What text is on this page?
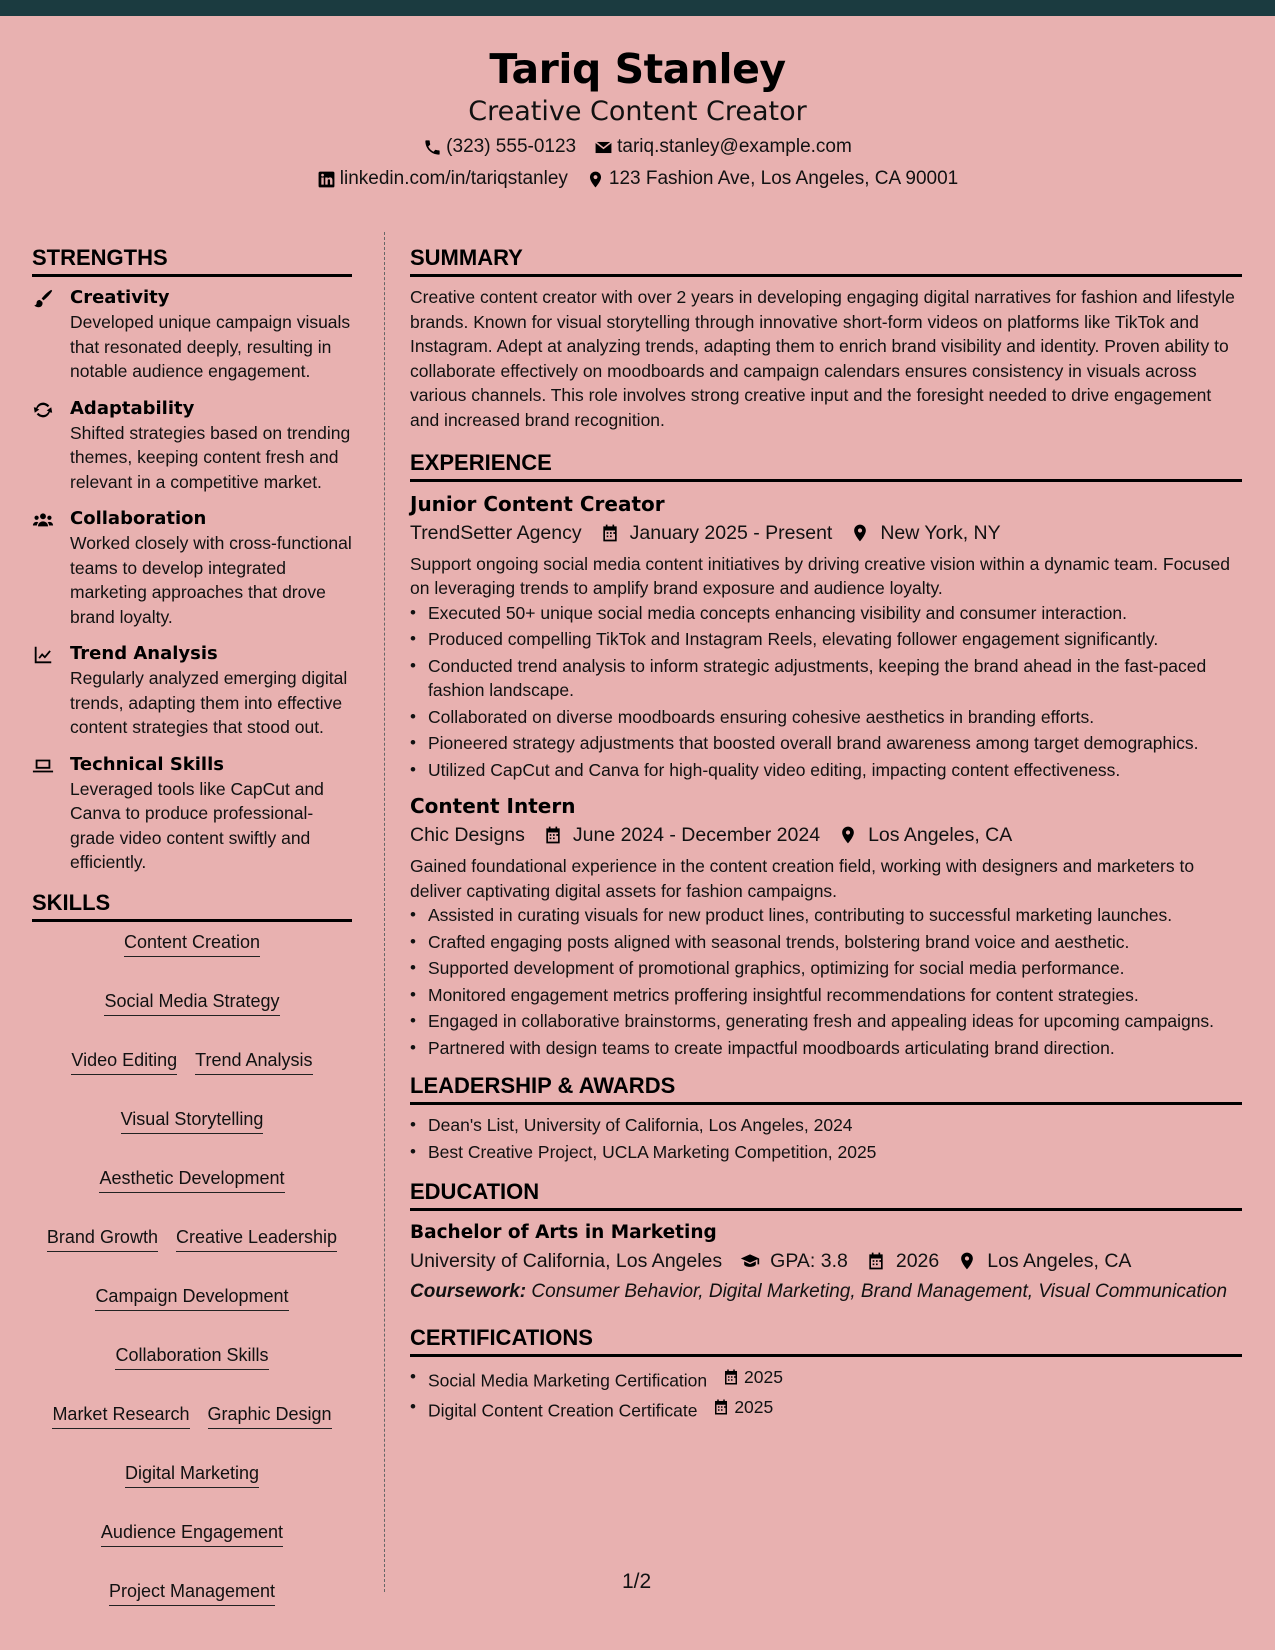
Tariq Stanley
Creative Content Creator
(323) 555-0123 tariq.stanley@example.com
linkedin.com/in/tariqstanley 123 Fashion Ave, Los Angeles, CA 90001
STRENGTHS
Creativity
Developed unique campaign visuals that resonated deeply, resulting in notable audience engagement.
Adaptability
Shifted strategies based on trending themes, keeping content fresh and relevant in a competitive market.
Collaboration
Worked closely with cross-functional teams to develop integrated marketing approaches that drove brand loyalty.
Trend Analysis
Regularly analyzed emerging digital trends, adapting them into effective content strategies that stood out.
Technical Skills
Leveraged tools like CapCut and Canva to produce professional-grade video content swiftly and efficiently.
SKILLS
Content Creation
Social Media Strategy
Video Editing Trend Analysis
Visual Storytelling
Aesthetic Development
Brand Growth Creative Leadership
Campaign Development
Collaboration Skills
Market Research Graphic Design
Digital Marketing
Audience Engagement
Project Management
SUMMARY
Creative content creator with over 2 years in developing engaging digital narratives for fashion and lifestyle brands. Known for visual storytelling through innovative short-form videos on platforms like TikTok and Instagram. Adept at analyzing trends, adapting them to enrich brand visibility and identity. Proven ability to collaborate effectively on moodboards and campaign calendars ensures consistency in visuals across various channels. This role involves strong creative input and the foresight needed to drive engagement and increased brand recognition.
EXPERIENCE
Junior Content Creator
TrendSetter Agency January 2025 - Present New York, NY
Support ongoing social media content initiatives by driving creative vision within a dynamic team. Focused on leveraging trends to amplify brand exposure and audience loyalty.
• Executed 50+ unique social media concepts enhancing visibility and consumer interaction.
• Produced compelling TikTok and Instagram Reels, elevating follower engagement significantly.
• Conducted trend analysis to inform strategic adjustments, keeping the brand ahead in the fast-paced fashion landscape.
• Collaborated on diverse moodboards ensuring cohesive aesthetics in branding efforts.
• Pioneered strategy adjustments that boosted overall brand awareness among target demographics.
• Utilized CapCut and Canva for high-quality video editing, impacting content effectiveness.
Content Intern
Chic Designs June 2024 - December 2024 Los Angeles, CA
Gained foundational experience in the content creation field, working with designers and marketers to deliver captivating digital assets for fashion campaigns.
• Assisted in curating visuals for new product lines, contributing to successful marketing launches.
• Crafted engaging posts aligned with seasonal trends, bolstering brand voice and aesthetic.
• Supported development of promotional graphics, optimizing for social media performance.
• Monitored engagement metrics proffering insightful recommendations for content strategies.
• Engaged in collaborative brainstorms, generating fresh and appealing ideas for upcoming campaigns.
• Partnered with design teams to create impactful moodboards articulating brand direction.
LEADERSHIP & AWARDS
• Dean's List, University of California, Los Angeles, 2024
• Best Creative Project, UCLA Marketing Competition, 2025
EDUCATION
Bachelor of Arts in Marketing
University of California, Los Angeles GPA: 3.8 2026 Los Angeles, CA
Coursework: Consumer Behavior, Digital Marketing, Brand Management, Visual Communication
CERTIFICATIONS
• Social Media Marketing Certification 2025
• Digital Content Creation Certificate 2025
1/2
